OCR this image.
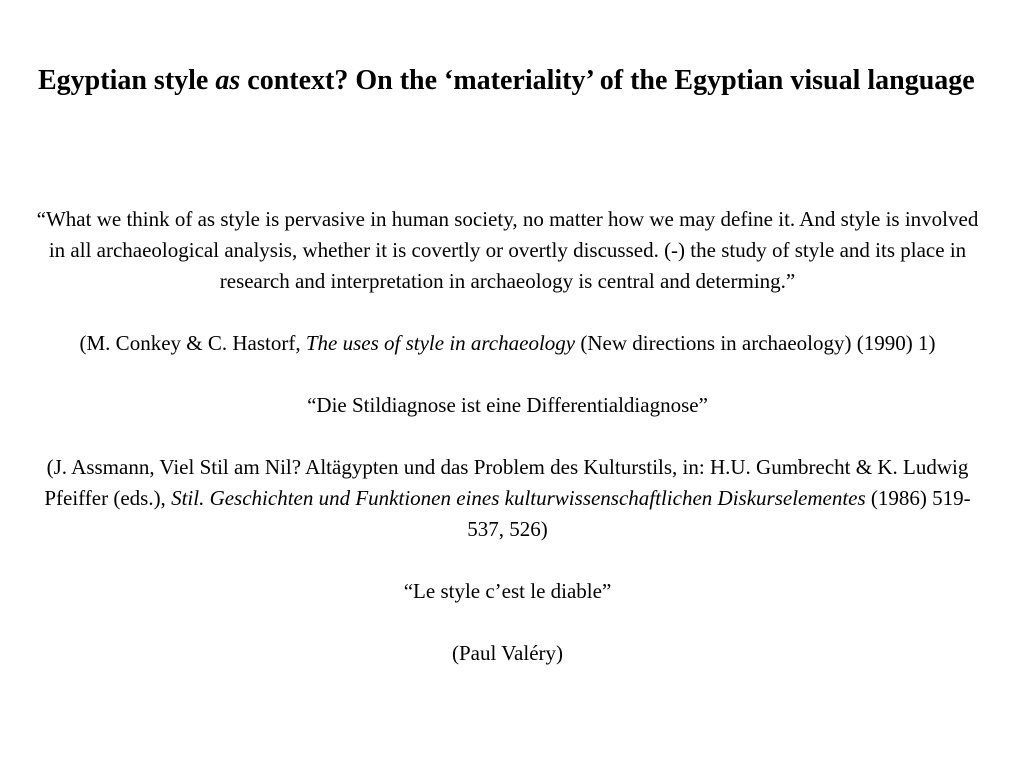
Egyptian style as context? On the ‘materiality’ of the Egyptian visual language

“What we think of as style is pervasive in human society, no matter how we may define it. And style is involved in all archaeological analysis, whether it is covertly or overtly discussed. (-) the study of style and its place in research and interpretation in archaeology is central and determing.”

(M. Conkey & C. Hastorf, The uses of style in archaeology (New directions in archaeology) (1990) 1)

“Die Stildiagnose ist eine Differentialdiagnose”

(J. Assmann, Viel Stil am Nil? Altägypten und das Problem des Kulturstils, in: H.U. Gumbrecht & K. Ludwig Pfeiffer (eds.), Stil. Geschichten und Funktionen eines kulturwissenschaftlichen Diskurselementes (1986) 519-537, 526)

“Le style c’est le diable”

(Paul Valéry)
